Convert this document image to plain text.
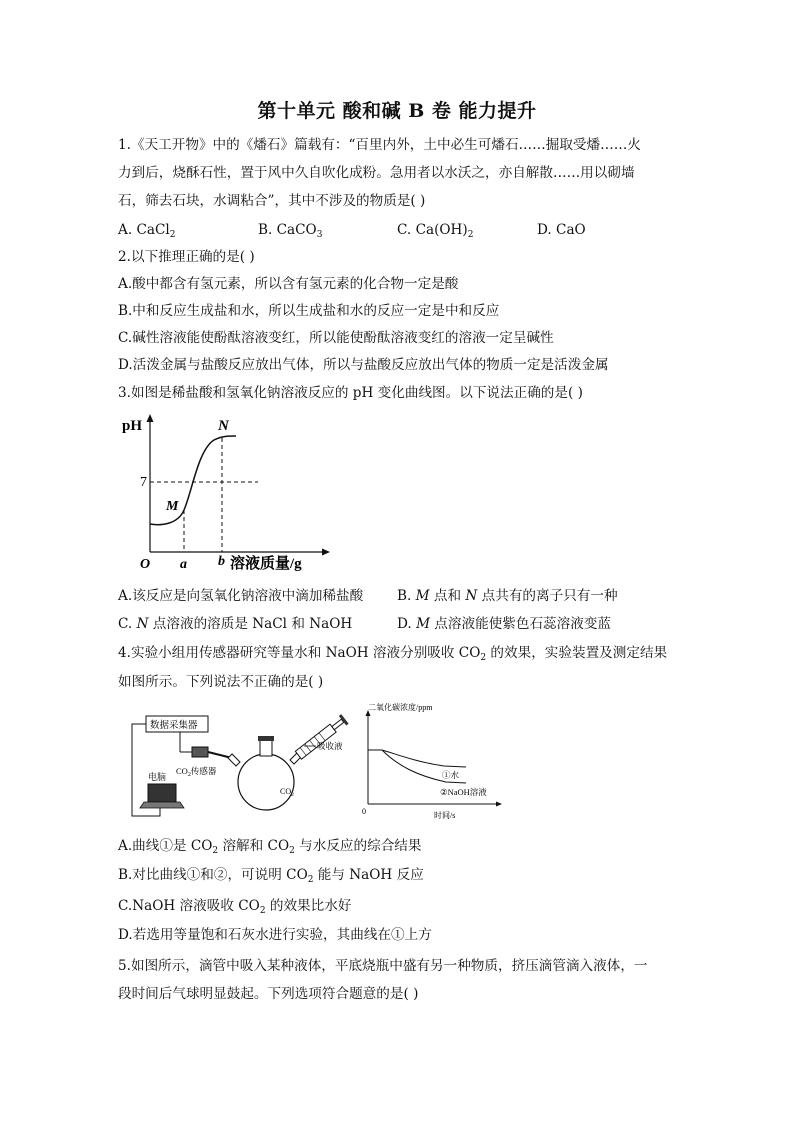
第十单元 酸和碱 B 卷 能力提升
1.《天工开物》中的《燔石》篇载有：“百里内外，土中必生可燔石……掘取受燔……火
力到后，烧酥石性，置于风中久自吹化成粉。急用者以水沃之，亦自解散……用以砌墙
石，筛去石块，水调粘合”，其中不涉及的物质是( )
A. CaCl$_2$	B. CaCO$_3$	C. $Ca(OH)_2$	D. CaO
2.以下推理正确的是( )
A.酸中都含有氢元素，所以含有氢元素的化合物一定是酸
B.中和反应生成盐和水，所以生成盐和水的反应一定是中和反应
C.碱性溶液能使酚酞溶液变红，所以能使酚酞溶液变红的溶液一定呈碱性
D.活泼金属与盐酸反应放出气体，所以与盐酸反应放出气体的物质一定是活泼金属
3.如图是稀盐酸和氢氧化钠溶液反应的 pH 变化曲线图。以下说法正确的是( )
pH
7
O a b 溶液质量/g
M
N
A.该反应是向氢氧化钠溶液中滴加稀盐酸 B. M 点和 N 点共有的离子只有一种
C. N 点溶液的溶质是 NaCl 和 NaOH	D. M 点溶液能使紫色石蕊溶液变蓝
4.实验小组用传感器研究等量水和 NaOH 溶液分别吸收 $CO_2$ 的效果，实验装置及测定结果
如图所示。下列说法不正确的是( )
数据采集器
$CO_2$传感器
电脑
$CO_2$
吸收液
二氧化碳浓度/ppm
0	时间/s
①水
②NaOH溶液
A.曲线①是 $CO_2$ 溶解和 $CO_2$ 与水反应的综合结果
B.对比曲线①和②，可说明 $CO_2$ 能与 NaOH 反应
C.NaOH 溶液吸收 $CO_2$ 的效果比水好
D.若选用等量饱和石灰水进行实验，其曲线在①上方
5.如图所示，滴管中吸入某种液体，平底烧瓶中盛有另一种物质，挤压滴管滴入液体，一
段时间后气球明显鼓起。下列选项符合题意的是( )
